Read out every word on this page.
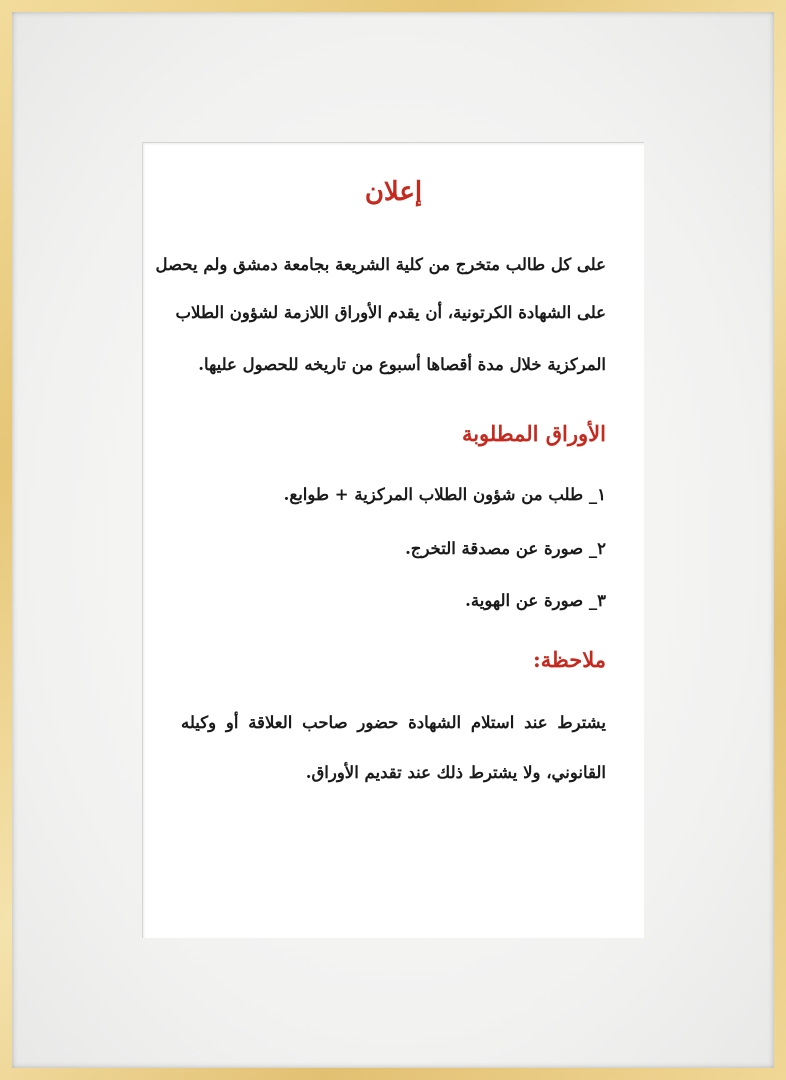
إعلان
على كل طالب متخرج من كلية الشريعة بجامعة دمشق ولم يحصل
على الشهادة الكرتونية، أن يقدم الأوراق اللازمة لشؤون الطلاب
المركزية خلال مدة أقصاها أسبوع من تاريخه للحصول عليها.
الأوراق المطلوبة
١_ طلب من شؤون الطلاب المركزية + طوابع.
٢_ صورة عن مصدقة التخرج.
٣_ صورة عن الهوية.
ملاحظة:
يشترط عند استلام الشهادة حضور صاحب العلاقة أو وكيله
القانوني، ولا يشترط ذلك عند تقديم الأوراق.
